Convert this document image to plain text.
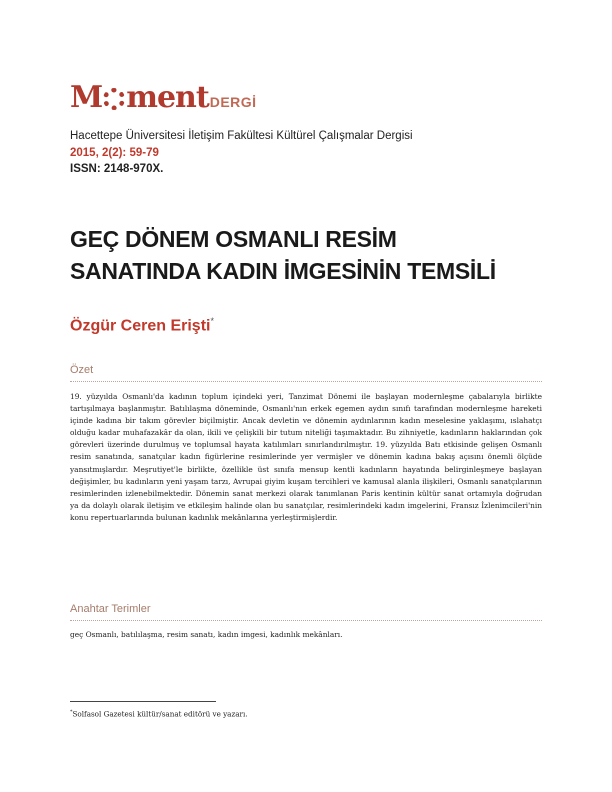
M mentDERGİ
Hacettepe Üniversitesi İletişim Fakültesi Kültürel Çalışmalar Dergisi
2015, 2(2): 59-79
ISSN: 2148-970X.
GEÇ DÖNEM OSMANLI RESİM
SANATINDA KADIN İMGESİNİN TEMSİLİ
Özgür Ceren Erişti*
Özet
19. yüzyılda Osmanlı'da kadının toplum içindeki yeri, Tanzimat Dönemi ile başlayan modernleşme çabalarıyla birlikte tartışılmaya başlanmıştır. Batılılaşma döneminde, Osmanlı'nın erkek egemen aydın sınıfı tarafından modernleşme hareketi içinde kadına bir takım görevler biçilmiştir. Ancak devletin ve dönemin aydınlarının kadın meselesine yaklaşımı, ıslahatçı olduğu kadar muhafazakâr da olan, ikili ve çelişkili bir tutum niteliği taşımaktadır. Bu zihniyetle, kadınların haklarından çok görevleri üzerinde durulmuş ve toplumsal hayata katılımları sınırlandırılmıştır. 19. yüzyılda Batı etkisinde gelişen Osmanlı resim sanatında, sanatçılar kadın figürlerine resimlerinde yer vermişler ve dönemin kadına bakış açısını önemli ölçüde yansıtmışlardır. Meşrutiyet'le birlikte, özellikle üst sınıfa mensup kentli kadınların hayatında belirginleşmeye başlayan değişimler, bu kadınların yeni yaşam tarzı, Avrupai giyim kuşam tercihleri ve kamusal alanla ilişkileri, Osmanlı sanatçılarının resimlerinden izlenebilmektedir. Dönemin sanat merkezi olarak tanımlanan Paris kentinin kültür sanat ortamıyla doğrudan ya da dolaylı olarak iletişim ve etkileşim halinde olan bu sanatçılar, resimlerindeki kadın imgelerini, Fransız İzlenimcileri'nin konu repertuarlarında bulunan kadınlık mekânlarına yerleştirmişlerdir.
Anahtar Terimler
geç Osmanlı, batılılaşma, resim sanatı, kadın imgesi, kadınlık mekânları.
*Solfasol Gazetesi kültür/sanat editörü ve yazarı.
